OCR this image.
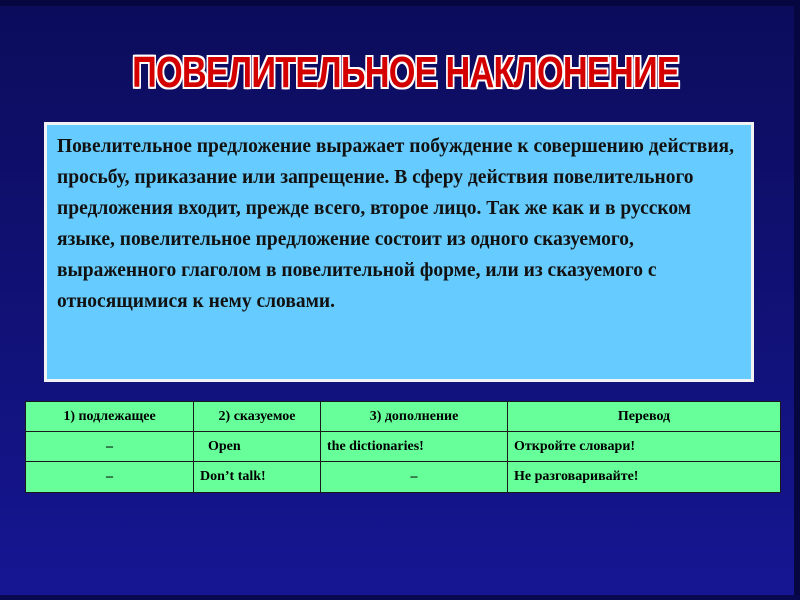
ПОВЕЛИТЕЛЬНОЕ НАКЛОНЕНИЕ

Повелительное предложение выражает побуждение к совершению действия, просьбу, приказание или запрещение. В сферу действия повелительного предложения входит, прежде всего, второе лицо. Так же как и в русском языке, повелительное предложение состоит из одного сказуемого, выраженного глаголом в повелительной форме, или из сказуемого с относящимися к нему словами.

1) подлежащее	2) сказуемое	3) дополнение	Перевод
–	Open	the dictionaries!	Откройте словари!
–	Don’t talk!	–	Не разговаривайте!
